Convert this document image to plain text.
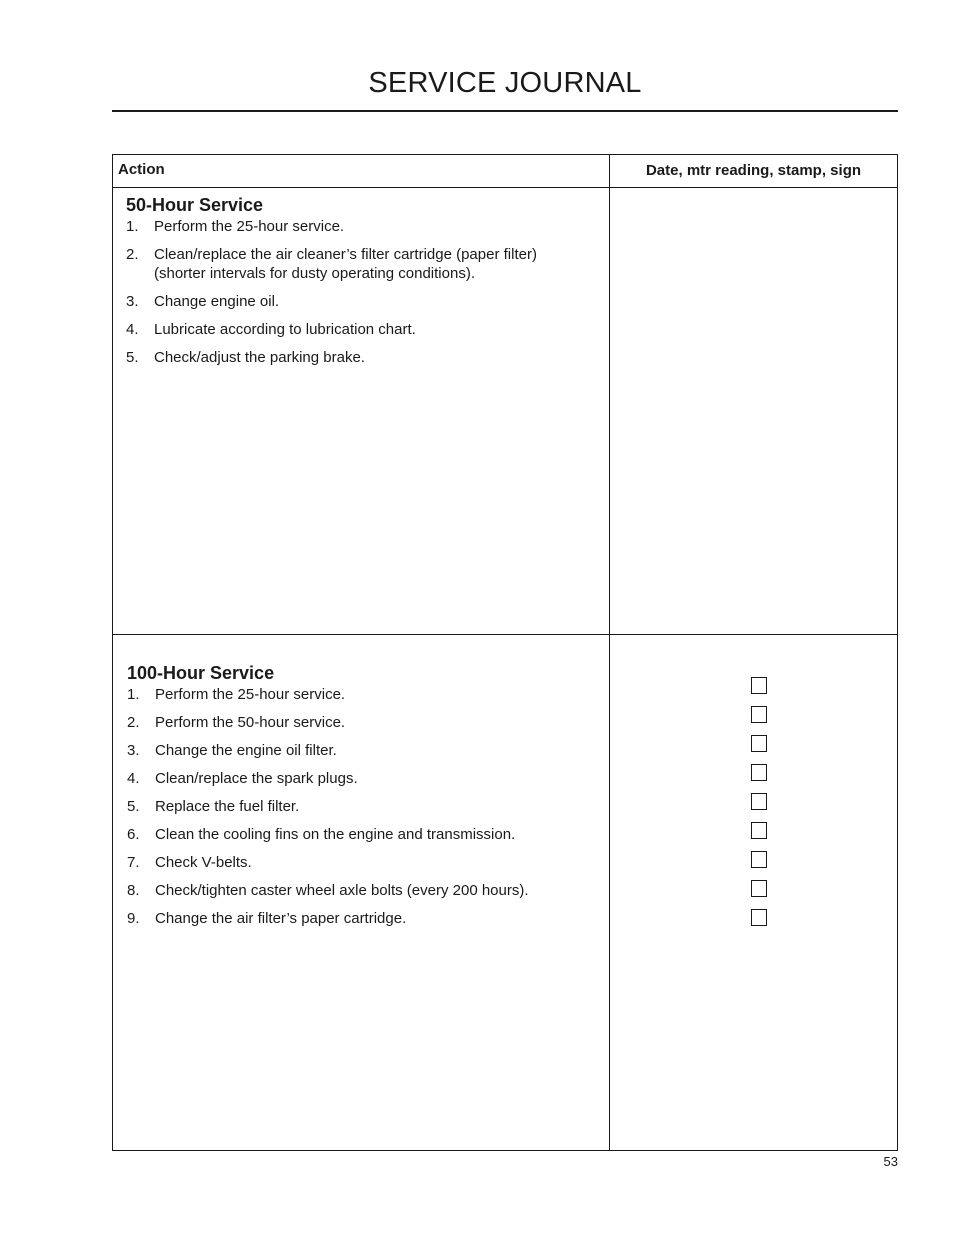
SERVICE JOURNAL
Action	Date, mtr reading, stamp, sign
50-Hour Service
1. Perform the 25-hour service.
2. Clean/replace the air cleaner’s filter cartridge (paper filter) (shorter intervals for dusty operating conditions).
3. Change engine oil.
4. Lubricate according to lubrication chart.
5. Check/adjust the parking brake.
100-Hour Service
1. Perform the 25-hour service.
2. Perform the 50-hour service.
3. Change the engine oil filter.
4. Clean/replace the spark plugs.
5. Replace the fuel filter.
6. Clean the cooling fins on the engine and transmission.
7. Check V-belts.
8. Check/tighten caster wheel axle bolts (every 200 hours).
9. Change the air filter’s paper cartridge.
53
